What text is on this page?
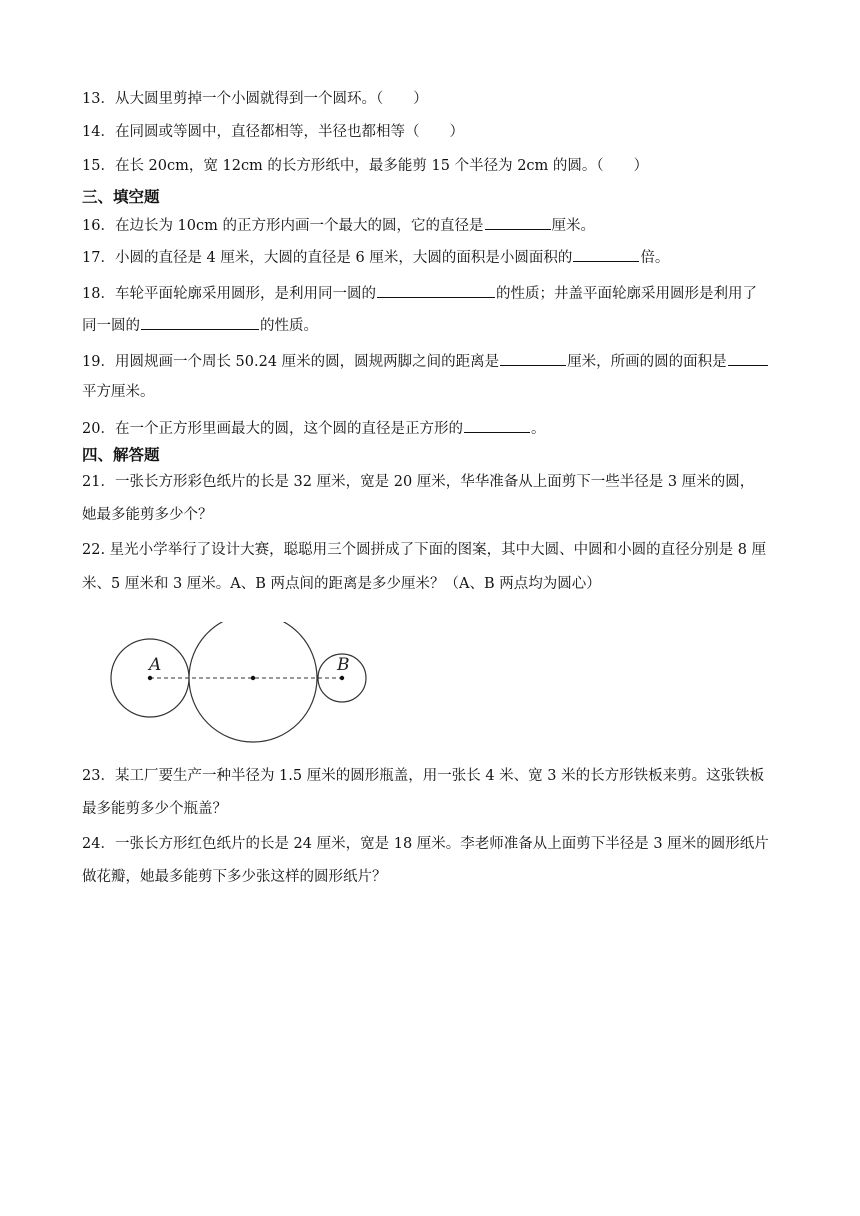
13．从大圆里剪掉一个小圆就得到一个圆环。（ ）
14．在同圆或等圆中，直径都相等，半径也都相等（ ）
15．在长 20cm，宽 12cm 的长方形纸中，最多能剪 15 个半径为 2cm 的圆。（ ）
三、填空题
16．在边长为 10cm 的正方形内画一个最大的圆，它的直径是	厘米。
17．小圆的直径是 4 厘米，大圆的直径是 6 厘米，大圆的面积是小圆面积的	倍。
18．车轮平面轮廓采用圆形，是利用同一圆的	的性质；井盖平面轮廓采用圆形是利用了
同一圆的	的性质。
19．用圆规画一个周长 50.24 厘米的圆，圆规两脚之间的距离是	厘米，所画的圆的面积是
平方厘米。
20．在一个正方形里画最大的圆，这个圆的直径是正方形的	。
四、解答题
21．一张长方形彩色纸片的长是 32 厘米，宽是 20 厘米，华华准备从上面剪下一些半径是 3 厘米的圆，
她最多能剪多少个？
22. 星光小学举行了设计大赛，聪聪用三个圆拼成了下面的图案，其中大圆、中圆和小圆的直径分别是 8 厘
米、5 厘米和 3 厘米。A、B 两点间的距离是多少厘米？（A、B 两点均为圆心）
A	B
23．某工厂要生产一种半径为 1.5 厘米的圆形瓶盖，用一张长 4 米、宽 3 米的长方形铁板来剪。这张铁板
最多能剪多少个瓶盖？
24．一张长方形红色纸片的长是 24 厘米，宽是 18 厘米。李老师准备从上面剪下半径是 3 厘米的圆形纸片
做花瓣，她最多能剪下多少张这样的圆形纸片？
